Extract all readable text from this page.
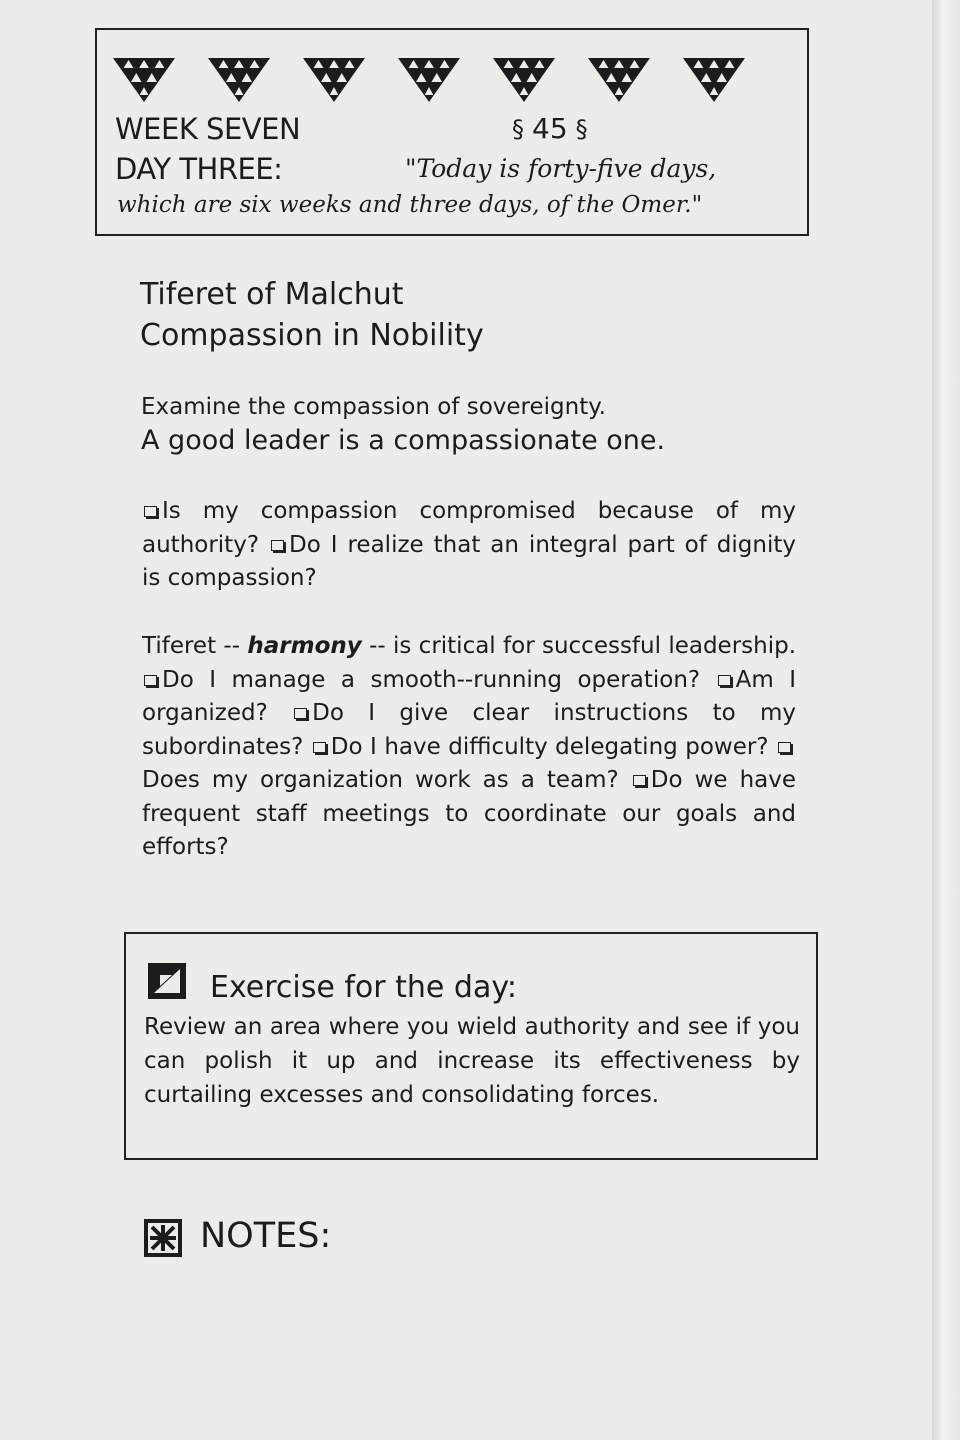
WEEK SEVEN	§ 45 §
DAY THREE:	"Today is forty-five days,
which are six weeks and three days, of the Omer."
Tiferet of Malchut
Compassion in Nobility
Examine the compassion of sovereignty.
A good leader is a compassionate one.
Is my compassion compromised because of my authority? Do I realize that an integral part of dignity is compassion?
Tiferet -- harmony -- is critical for successful leadership. Do I manage a smooth--running operation? Am I organized? Do I give clear instructions to my subordinates? Do I have difficulty delegating power? Does my organization work as a team? Do we have frequent staff meetings to coordinate our goals and efforts?
Exercise for the day:
Review an area where you wield authority and see if you can polish it up and increase its effectiveness by curtailing excesses and consolidating forces.
NOTES:
